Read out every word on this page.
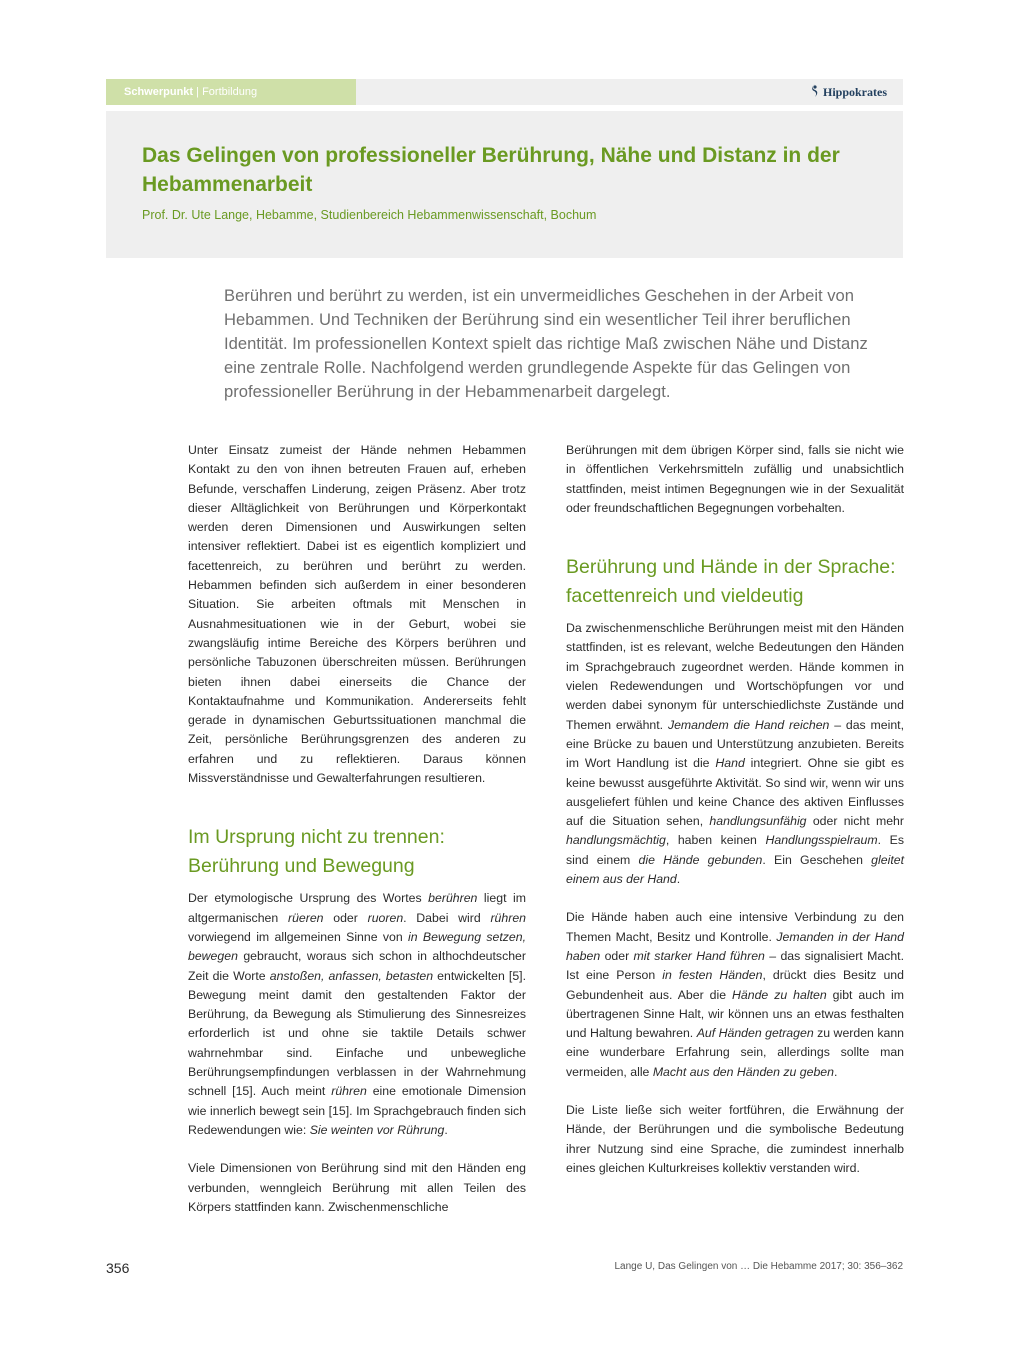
Schwerpunkt | Fortbildung	Hippokrates
Das Gelingen von professioneller Berührung, Nähe und Distanz in der Hebammenarbeit

Prof. Dr. Ute Lange, Hebamme, Studienbereich Hebammenwissenschaft, Bochum

Berühren und berührt zu werden, ist ein unvermeidliches Geschehen in der Arbeit von Hebammen. Und Techniken der Berührung sind ein wesentlicher Teil ihrer beruflichen Identität. Im professionellen Kontext spielt das richtige Maß zwischen Nähe und Distanz eine zentrale Rolle. Nachfolgend werden grundlegende Aspekte für das Gelingen von professioneller Berührung in der Hebammenarbeit dargelegt.

Unter Einsatz zumeist der Hände nehmen Hebammen Kontakt zu den von ihnen betreuten Frauen auf, erheben Befunde, verschaffen Linderung, zeigen Präsenz. Aber trotz dieser Alltäglichkeit von Berührungen und Körperkontakt werden deren Dimensionen und Auswirkungen selten intensiver reflektiert. Dabei ist es eigentlich kompliziert und facettenreich, zu berühren und berührt zu werden. Hebammen befinden sich außerdem in einer besonderen Situation. Sie arbeiten oftmals mit Menschen in Ausnahmesituationen wie in der Geburt, wobei sie zwangsläufig intime Bereiche des Körpers berühren und persönliche Tabuzonen überschreiten müssen. Berührungen bieten ihnen dabei einerseits die Chance der Kontaktaufnahme und Kommunikation. Andererseits fehlt gerade in dynamischen Geburtssituationen manchmal die Zeit, persönliche Berührungsgrenzen des anderen zu erfahren und zu reflektieren. Daraus können Missverständnisse und Gewalterfahrungen resultieren.

Im Ursprung nicht zu trennen: Berührung und Bewegung

Der etymologische Ursprung des Wortes berühren liegt im altgermanischen rüeren oder ruoren. Dabei wird rühren vorwiegend im allgemeinen Sinne von in Bewegung setzen, bewegen gebraucht, woraus sich schon in althochdeutscher Zeit die Worte anstoßen, anfassen, betasten entwickelten [5]. Bewegung meint damit den gestaltenden Faktor der Berührung, da Bewegung als Stimulierung des Sinnesreizes erforderlich ist und ohne sie taktile Details schwer wahrnehmbar sind. Einfache und unbewegliche Berührungsempfindungen verblassen in der Wahrnehmung schnell [15]. Auch meint rühren eine emotionale Dimension wie innerlich bewegt sein [15]. Im Sprachgebrauch finden sich Redewendungen wie: Sie weinten vor Rührung.

Viele Dimensionen von Berührung sind mit den Händen eng verbunden, wenngleich Berührung mit allen Teilen des Körpers stattfinden kann. Zwischenmenschliche

Berührungen mit dem übrigen Körper sind, falls sie nicht wie in öffentlichen Verkehrsmitteln zufällig und unabsichtlich stattfinden, meist intimen Begegnungen wie in der Sexualität oder freundschaftlichen Begegnungen vorbehalten.

Berührung und Hände in der Sprache: facettenreich und vieldeutig

Da zwischenmenschliche Berührungen meist mit den Händen stattfinden, ist es relevant, welche Bedeutungen den Händen im Sprachgebrauch zugeordnet werden. Hände kommen in vielen Redewendungen und Wortschöpfungen vor und werden dabei synonym für unterschiedlichste Zustände und Themen erwähnt. Jemandem die Hand reichen – das meint, eine Brücke zu bauen und Unterstützung anzubieten. Bereits im Wort Handlung ist die Hand integriert. Ohne sie gibt es keine bewusst ausgeführte Aktivität. So sind wir, wenn wir uns ausgeliefert fühlen und keine Chance des aktiven Einflusses auf die Situation sehen, handlungsunfähig oder nicht mehr handlungsmächtig, haben keinen Handlungsspielraum. Es sind einem die Hände gebunden. Ein Geschehen gleitet einem aus der Hand.

Die Hände haben auch eine intensive Verbindung zu den Themen Macht, Besitz und Kontrolle. Jemanden in der Hand haben oder mit starker Hand führen – das signalisiert Macht. Ist eine Person in festen Händen, drückt dies Besitz und Gebundenheit aus. Aber die Hände zu halten gibt auch im übertragenen Sinne Halt, wir können uns an etwas festhalten und Haltung bewahren. Auf Händen getragen zu werden kann eine wunderbare Erfahrung sein, allerdings sollte man vermeiden, alle Macht aus den Händen zu geben.

Die Liste ließe sich weiter fortführen, die Erwähnung der Hände, der Berührungen und die symbolische Bedeutung ihrer Nutzung sind eine Sprache, die zumindest innerhalb eines gleichen Kulturkreises kollektiv verstanden wird.

356	Lange U, Das Gelingen von … Die Hebamme 2017; 30: 356–362
